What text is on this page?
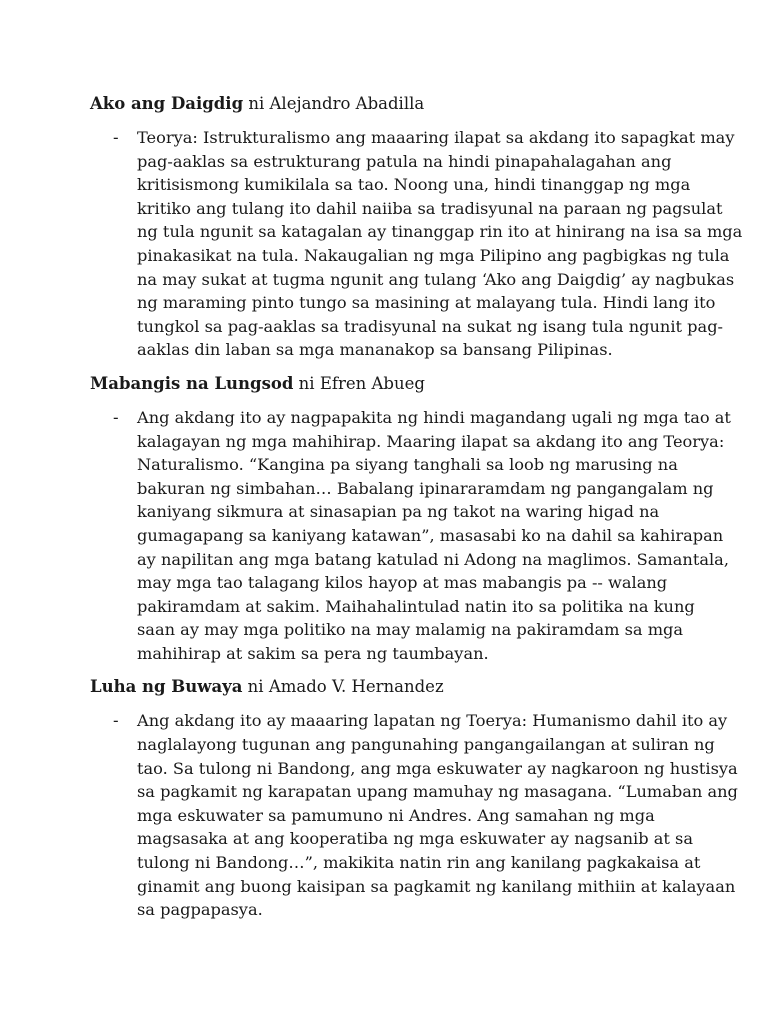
Ako ang Daigdig ni Alejandro Abadilla

-	Teorya: Istrukturalismo ang maaaring ilapat sa akdang ito sapagkat may
pag-aaklas sa estrukturang patula na hindi pinapahalagahan ang
kritisismong kumikilala sa tao. Noong una, hindi tinanggap ng mga
kritiko ang tulang ito dahil naiiba sa tradisyunal na paraan ng pagsulat
ng tula ngunit sa katagalan ay tinanggap rin ito at hinirang na isa sa mga
pinakasikat na tula. Nakaugalian ng mga Pilipino ang pagbigkas ng tula
na may sukat at tugma ngunit ang tulang ‘Ako ang Daigdig’ ay nagbukas
ng maraming pinto tungo sa masining at malayang tula. Hindi lang ito
tungkol sa pag-aaklas sa tradisyunal na sukat ng isang tula ngunit pag-
aaklas din laban sa mga mananakop sa bansang Pilipinas.

Mabangis na Lungsod ni Efren Abueg

-	Ang akdang ito ay nagpapakita ng hindi magandang ugali ng mga tao at
kalagayan ng mga mahihirap. Maaring ilapat sa akdang ito ang Teorya:
Naturalismo. “Kangina pa siyang tanghali sa loob ng marusing na
bakuran ng simbahan… Babalang ipinararamdam ng pangangalam ng
kaniyang sikmura at sinasapian pa ng takot na waring higad na
gumagapang sa kaniyang katawan”, masasabi ko na dahil sa kahirapan
ay napilitan ang mga batang katulad ni Adong na maglimos. Samantala,
may mga tao talagang kilos hayop at mas mabangis pa -- walang
pakiramdam at sakim. Maihahalintulad natin ito sa politika na kung
saan ay may mga politiko na may malamig na pakiramdam sa mga
mahihirap at sakim sa pera ng taumbayan.

Luha ng Buwaya ni Amado V. Hernandez

-	Ang akdang ito ay maaaring lapatan ng Toerya: Humanismo dahil ito ay
naglalayong tugunan ang pangunahing pangangailangan at suliran ng
tao. Sa tulong ni Bandong, ang mga eskuwater ay nagkaroon ng hustisya
sa pagkamit ng karapatan upang mamuhay ng masagana. “Lumaban ang
mga eskuwater sa pamumuno ni Andres. Ang samahan ng mga
magsasaka at ang kooperatiba ng mga eskuwater ay nagsanib at sa
tulong ni Bandong…”, makikita natin rin ang kanilang pagkakaisa at
ginamit ang buong kaisipan sa pagkamit ng kanilang mithiin at kalayaan
sa pagpapasya.
